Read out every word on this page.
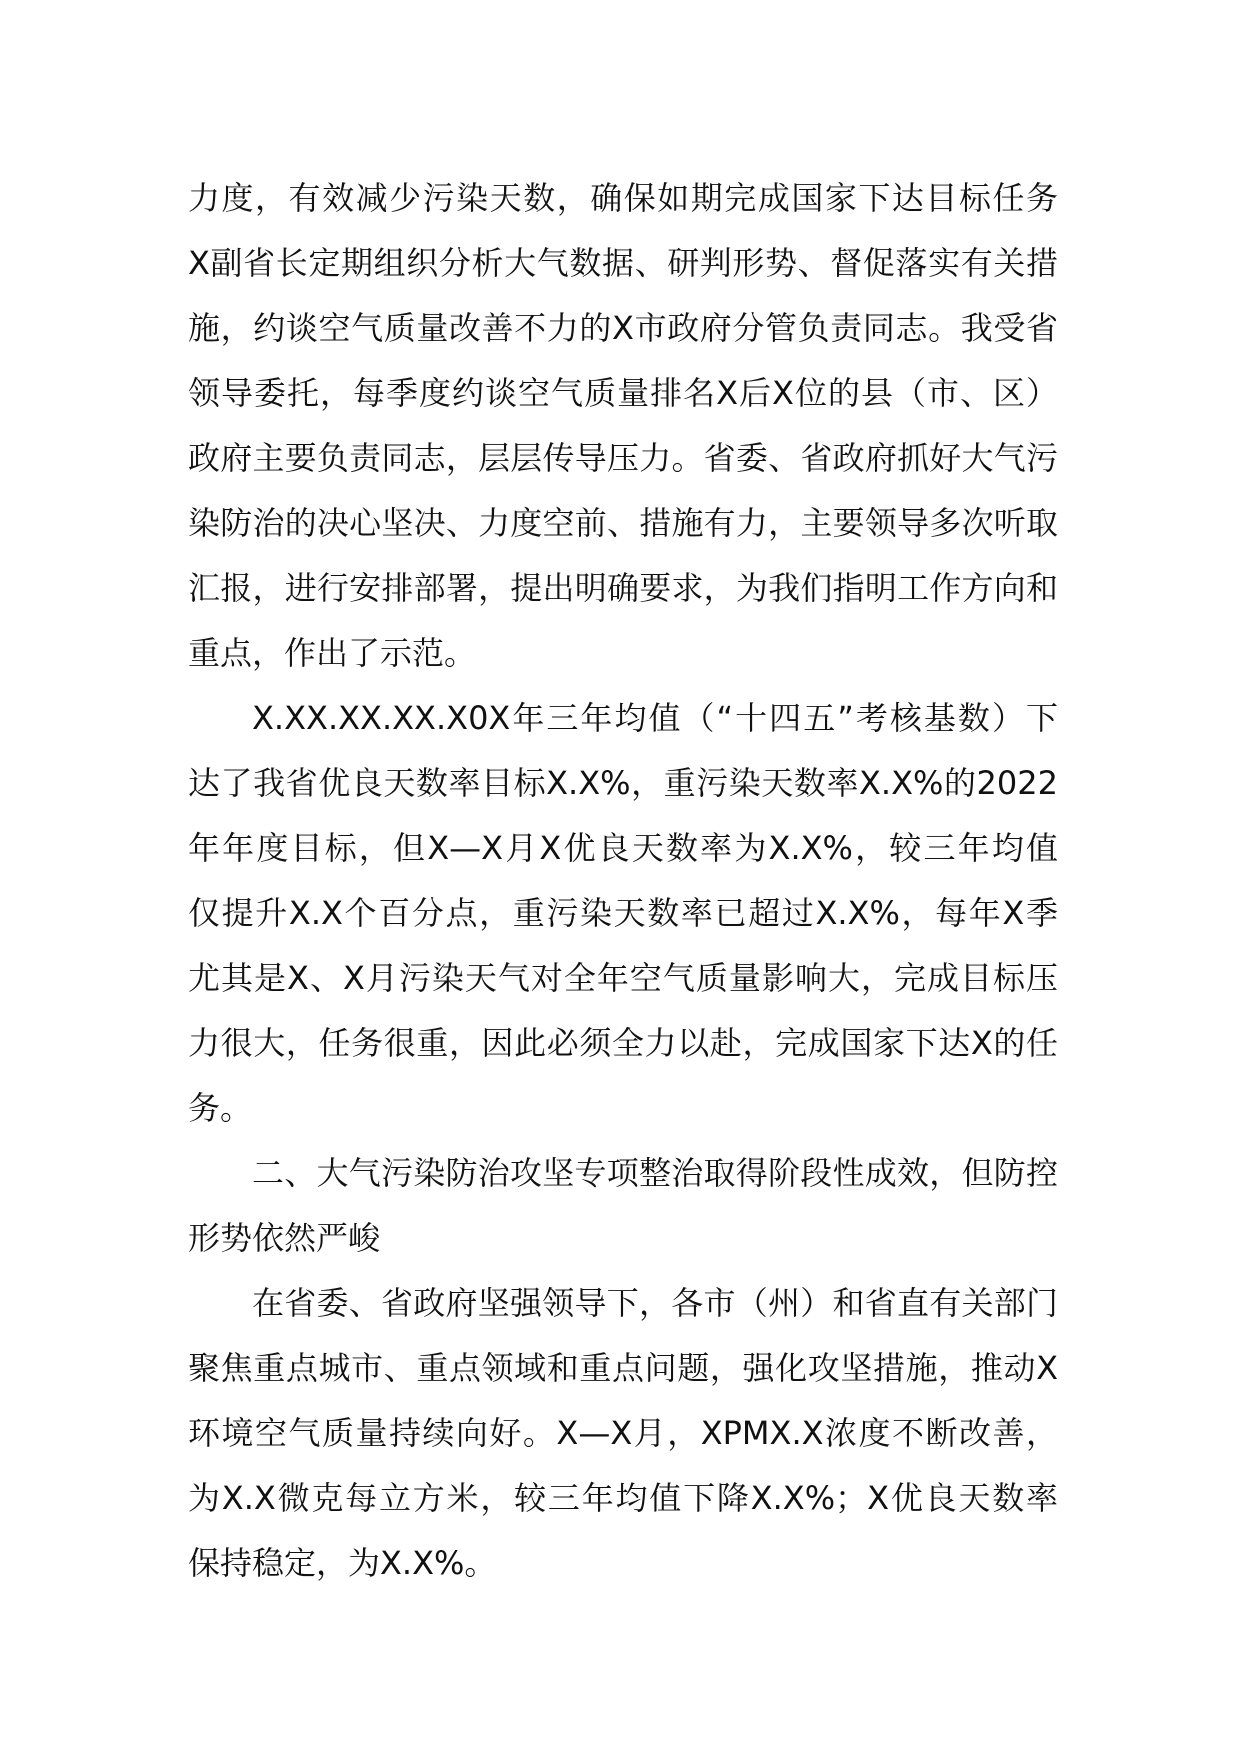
力度，有效减少污染天数，确保如期完成国家下达目标任务
X副省长定期组织分析大气数据、研判形势、督促落实有关措
施，约谈空气质量改善不力的X市政府分管负责同志。我受省
领导委托，每季度约谈空气质量排名X后X位的县（市、区）
政府主要负责同志，层层传导压力。省委、省政府抓好大气污
染防治的决心坚决、力度空前、措施有力，主要领导多次听取
汇报，进行安排部署，提出明确要求，为我们指明工作方向和
重点，作出了示范。
X.XX.XX.XX.X0X年三年均值（“十四五”考核基数）下
达了我省优良天数率目标X.X%，重污染天数率X.X%的2022
年年度目标，但X—X月X优良天数率为X.X%，较三年均值
仅提升X.X个百分点，重污染天数率已超过X.X%，每年X季
尤其是X、X月污染天气对全年空气质量影响大，完成目标压
力很大，任务很重，因此必须全力以赴，完成国家下达X的任
务。
二、大气污染防治攻坚专项整治取得阶段性成效，但防控
形势依然严峻
在省委、省政府坚强领导下，各市（州）和省直有关部门
聚焦重点城市、重点领域和重点问题，强化攻坚措施，推动X
环境空气质量持续向好。X—X月，XPMX.X浓度不断改善，
为X.X微克每立方米，较三年均值下降X.X%；X优良天数率
保持稳定，为X.X%。
